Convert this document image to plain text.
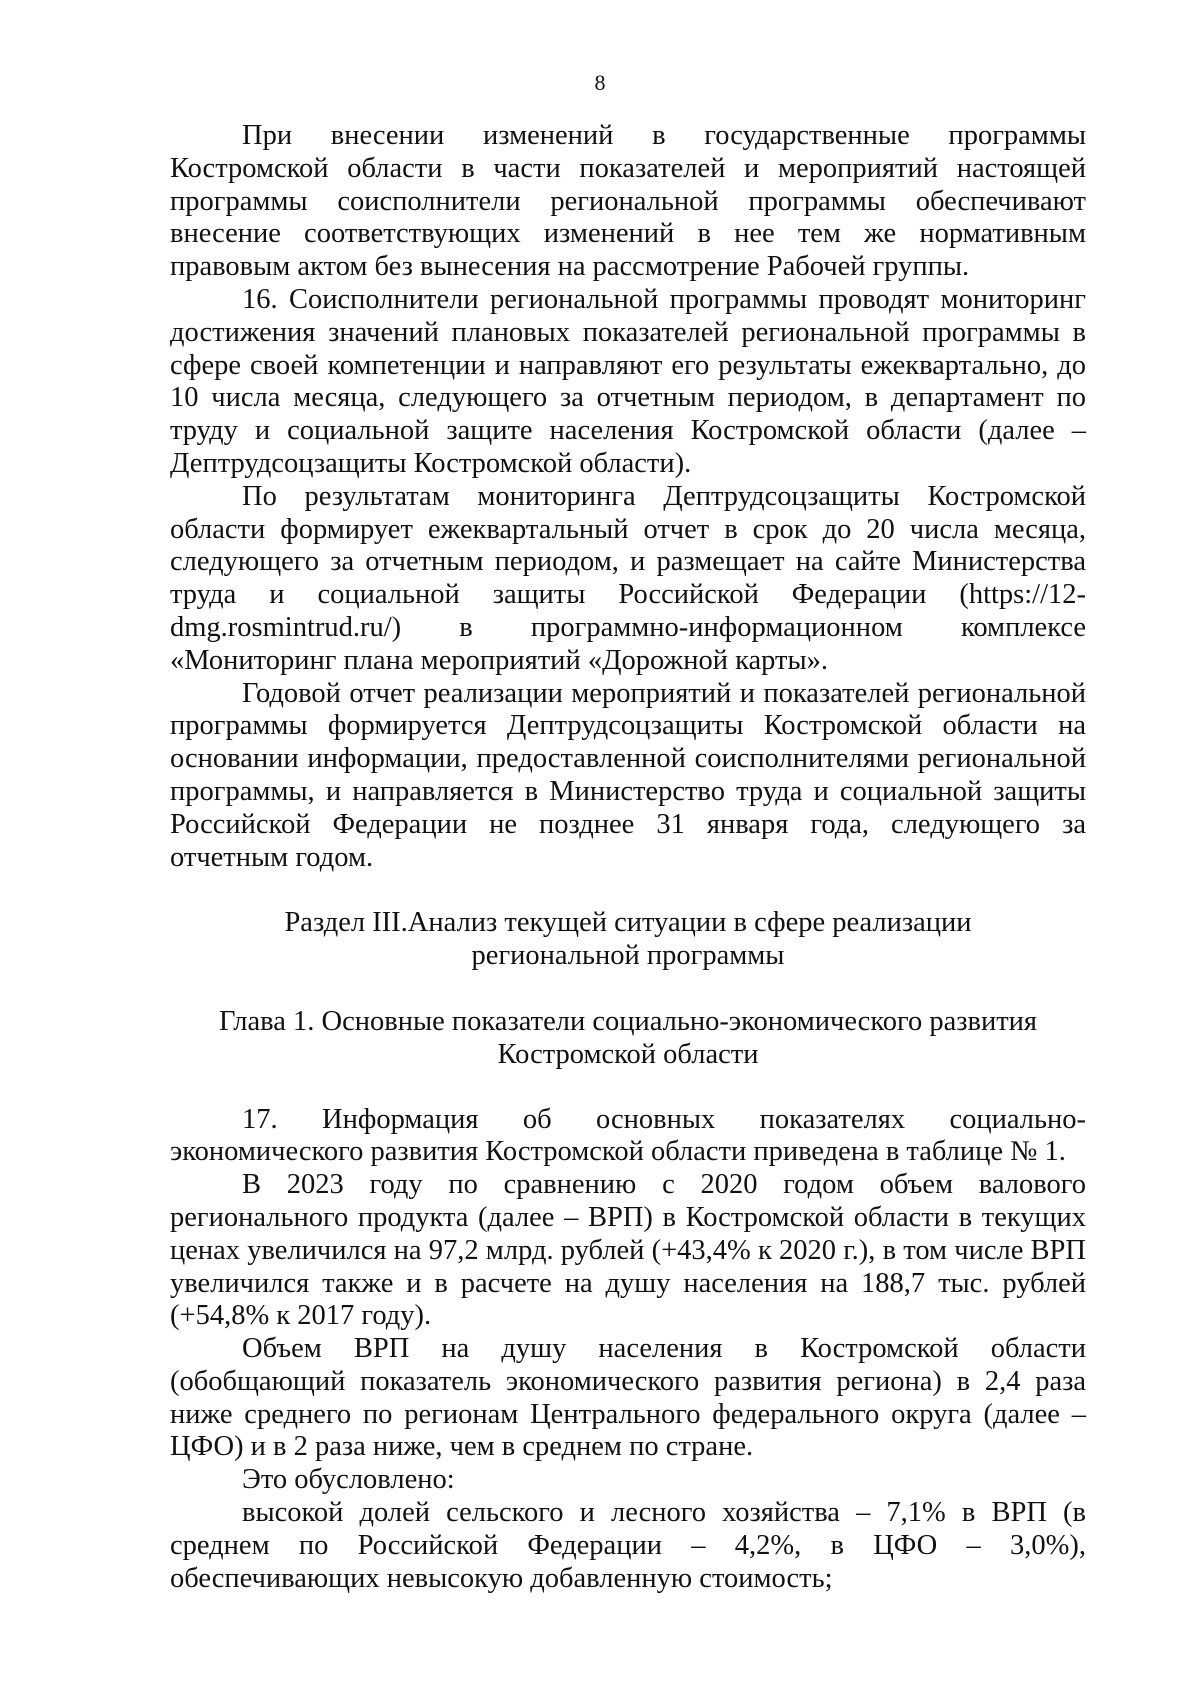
8

При внесении изменений в государственные программы Костромской области в части показателей и мероприятий настоящей программы соисполнители региональной программы обеспечивают внесение соответствующих изменений в нее тем же нормативным правовым актом без вынесения на рассмотрение Рабочей группы.

16. Соисполнители региональной программы проводят мониторинг достижения значений плановых показателей региональной программы в сфере своей компетенции и направляют его результаты ежеквартально, до 10 числа месяца, следующего за отчетным периодом, в департамент по труду и социальной защите населения Костромской области (далее – Дептрудсоцзащиты Костромской области).

По результатам мониторинга Дептрудсоцзащиты Костромской области формирует ежеквартальный отчет в срок до 20 числа месяца, следующего за отчетным периодом, и размещает на сайте Министерства труда и социальной защиты Российской Федерации (https://12-dmg.rosmintrud.ru/) в программно-информационном комплексе «Мониторинг плана мероприятий «Дорожной карты».

Годовой отчет реализации мероприятий и показателей региональной программы формируется Дептрудсоцзащиты Костромской области на основании информации, предоставленной соисполнителями региональной программы, и направляется в Министерство труда и социальной защиты Российской Федерации не позднее 31 января года, следующего за отчетным годом.

Раздел III.Анализ текущей ситуации в сфере реализации
региональной программы
Глава 1. Основные показатели социально-экономического развития
Костромской области

17. Информация об основных показателях социально-экономического развития Костромской области приведена в таблице № 1.

В 2023 году по сравнению с 2020 годом объем валового регионального продукта (далее – ВРП) в Костромской области в текущих ценах увеличился на 97,2 млрд. рублей (+43,4% к 2020 г.), в том числе ВРП увеличился также и в расчете на душу населения на 188,7 тыс. рублей (+54,8% к 2017 году).

Объем ВРП на душу населения в Костромской области (обобщающий показатель экономического развития региона) в 2,4 раза ниже среднего по регионам Центрального федерального округа (далее – ЦФО) и в 2 раза ниже, чем в среднем по стране.

Это обусловлено:

высокой долей сельского и лесного хозяйства – 7,1% в ВРП (в среднем по Российской Федерации – 4,2%, в ЦФО – 3,0%), обеспечивающих невысокую добавленную стоимость;
